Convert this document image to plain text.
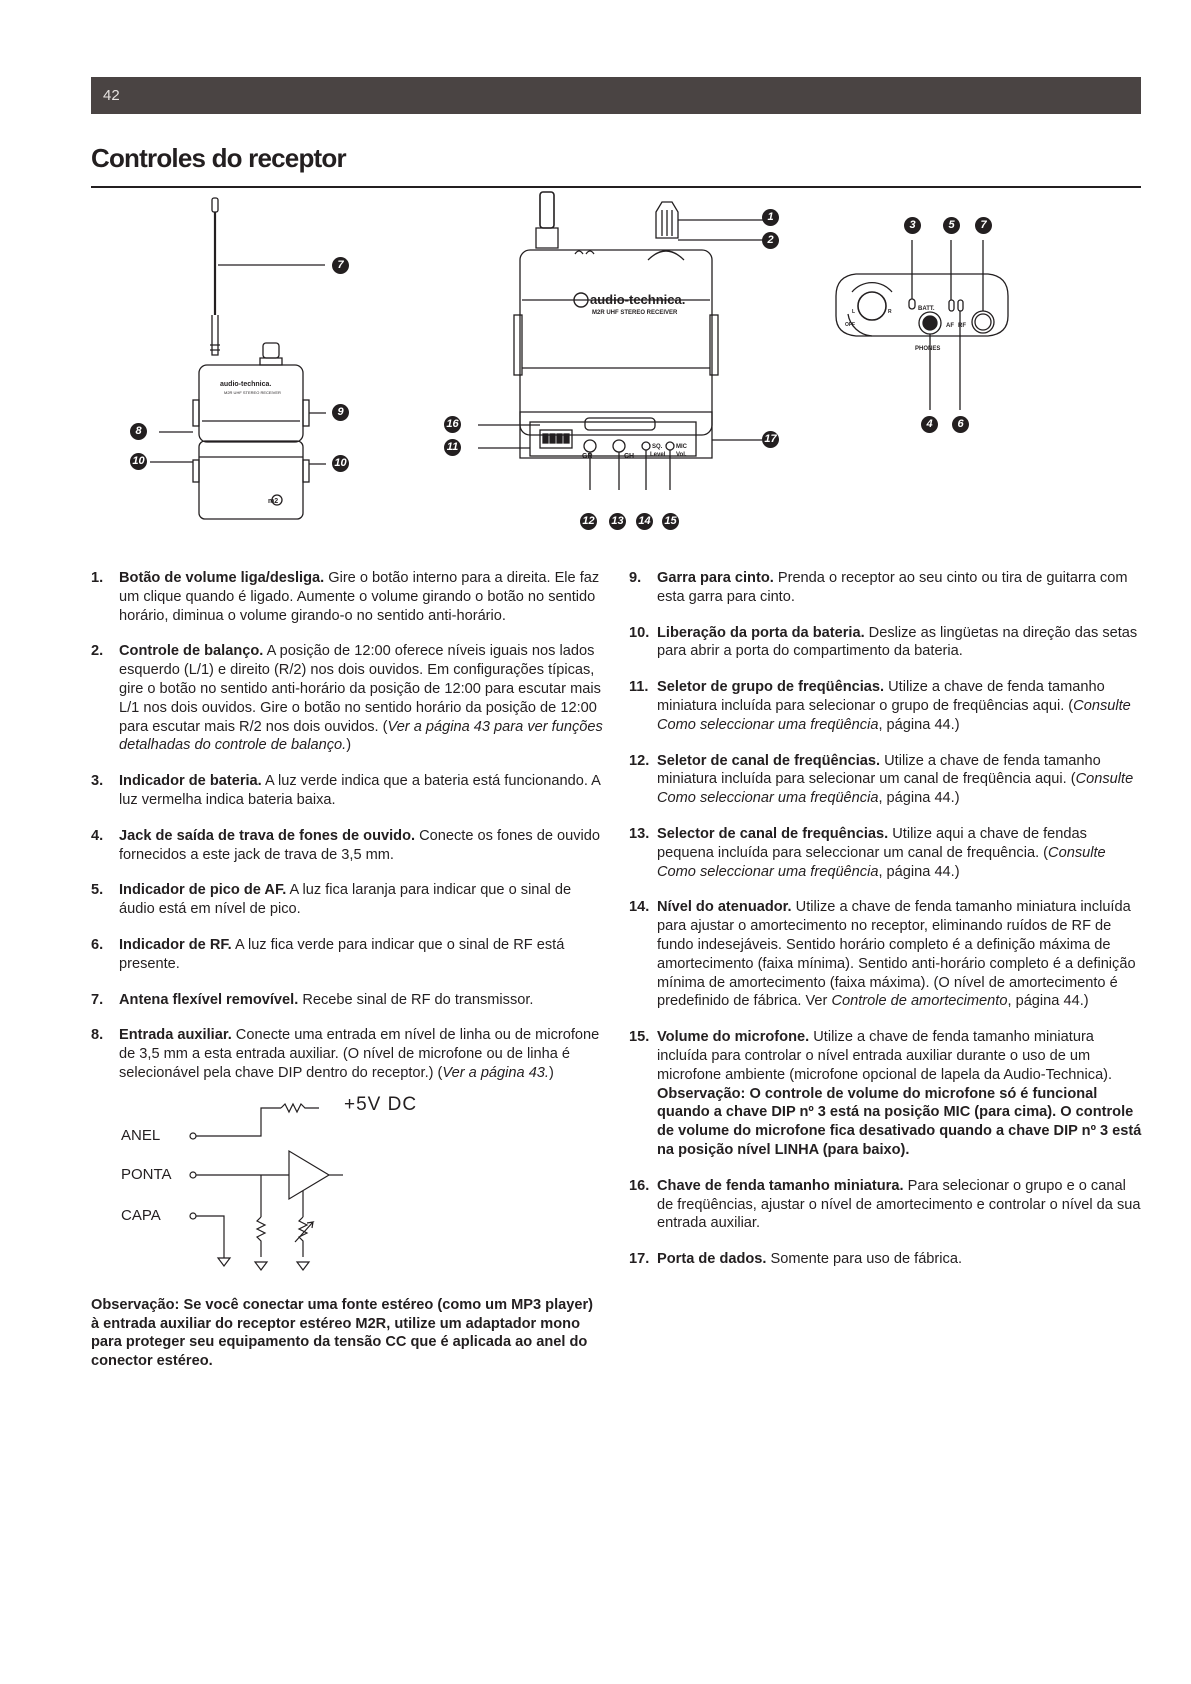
42
Controles do receptor
audio-technica.
M2R UHF STEREO RECEIVER
m2
7
9
8
10	10
audio-technica.
M2R UHF STEREO RECEIVER
GR	CH
SQ.
Level
MIC
Vol.
1
2
16
11
17
12 13 14 15
BATT.
AF RF
PHONES
OFF
L	R
3	5	7
4	6
1. Botão de volume liga/desliga. Gire o botão interno para a direita. Ele faz um clique quando é ligado. Aumente o volume girando o botão no sentido horário, diminua o volume girando-o no sentido anti-horário.
2. Controle de balanço. A posição de 12:00 oferece níveis iguais nos lados esquerdo (L/1) e direito (R/2) nos dois ouvidos. Em configurações típicas, gire o botão no sentido anti-horário da posição de 12:00 para escutar mais L/1 nos dois ouvidos. Gire o botão no sentido horário da posição de 12:00 para escutar mais R/2 nos dois ouvidos. (Ver a página 43 para ver funções detalhadas do controle de balanço.)
3. Indicador de bateria. A luz verde indica que a bateria está funcionando. A luz vermelha indica bateria baixa.
4. Jack de saída de trava de fones de ouvido. Conecte os fones de ouvido fornecidos a este jack de trava de 3,5 mm.
5. Indicador de pico de AF. A luz fica laranja para indicar que o sinal de áudio está em nível de pico.
6. Indicador de RF. A luz fica verde para indicar que o sinal de RF está presente.
7. Antena flexível removível. Recebe sinal de RF do transmissor.
8. Entrada auxiliar. Conecte uma entrada em nível de linha ou de microfone de 3,5 mm a esta entrada auxiliar. (O nível de microfone ou de linha é selecionável pela chave DIP dentro do receptor.) (Ver a página 43.)
+5V DC
ANEL
PONTA
CAPA
Observação: Se você conectar uma fonte estéreo (como um MP3 player) à entrada auxiliar do receptor estéreo M2R, utilize um adaptador mono para proteger seu equipamento da tensão CC que é aplicada ao anel do conector estéreo.
9. Garra para cinto. Prenda o receptor ao seu cinto ou tira de guitarra com esta garra para cinto.
10. Liberação da porta da bateria. Deslize as lingüetas na direção das setas para abrir a porta do compartimento da bateria.
11. Seletor de grupo de freqüências. Utilize a chave de fenda tamanho miniatura incluída para selecionar o grupo de freqüências aqui. (Consulte Como seleccionar uma freqüência, página 44.)
12. Seletor de canal de freqüências. Utilize a chave de fenda tamanho miniatura incluída para selecionar um canal de freqüência aqui. (Consulte Como seleccionar uma freqüência, página 44.)
13. Selector de canal de frequências. Utilize aqui a chave de fendas pequena incluída para seleccionar um canal de frequência. (Consulte Como seleccionar uma freqüência, página 44.)
14. Nível do atenuador. Utilize a chave de fenda tamanho miniatura incluída para ajustar o amortecimento no receptor, eliminando ruídos de RF de fundo indesejáveis. Sentido horário completo é a definição máxima de amortecimento (faixa mínima). Sentido anti-horário completo é a definição mínima de amortecimento (faixa máxima). (O nível de amortecimento é predefinido de fábrica. Ver Controle de amortecimento, página 44.)
15. Volume do microfone. Utilize a chave de fenda tamanho miniatura incluída para controlar o nível entrada auxiliar durante o uso de um microfone ambiente (microfone opcional de lapela da Audio-Technica). Observação: O controle de volume do microfone só é funcional quando a chave DIP nº 3 está na posição MIC (para cima). O controle de volume do microfone fica desativado quando a chave DIP nº 3 está na posição nível LINHA (para baixo).
16. Chave de fenda tamanho miniatura. Para selecionar o grupo e o canal de freqüências, ajustar o nível de amortecimento e controlar o nível da sua entrada auxiliar.
17. Porta de dados. Somente para uso de fábrica.
